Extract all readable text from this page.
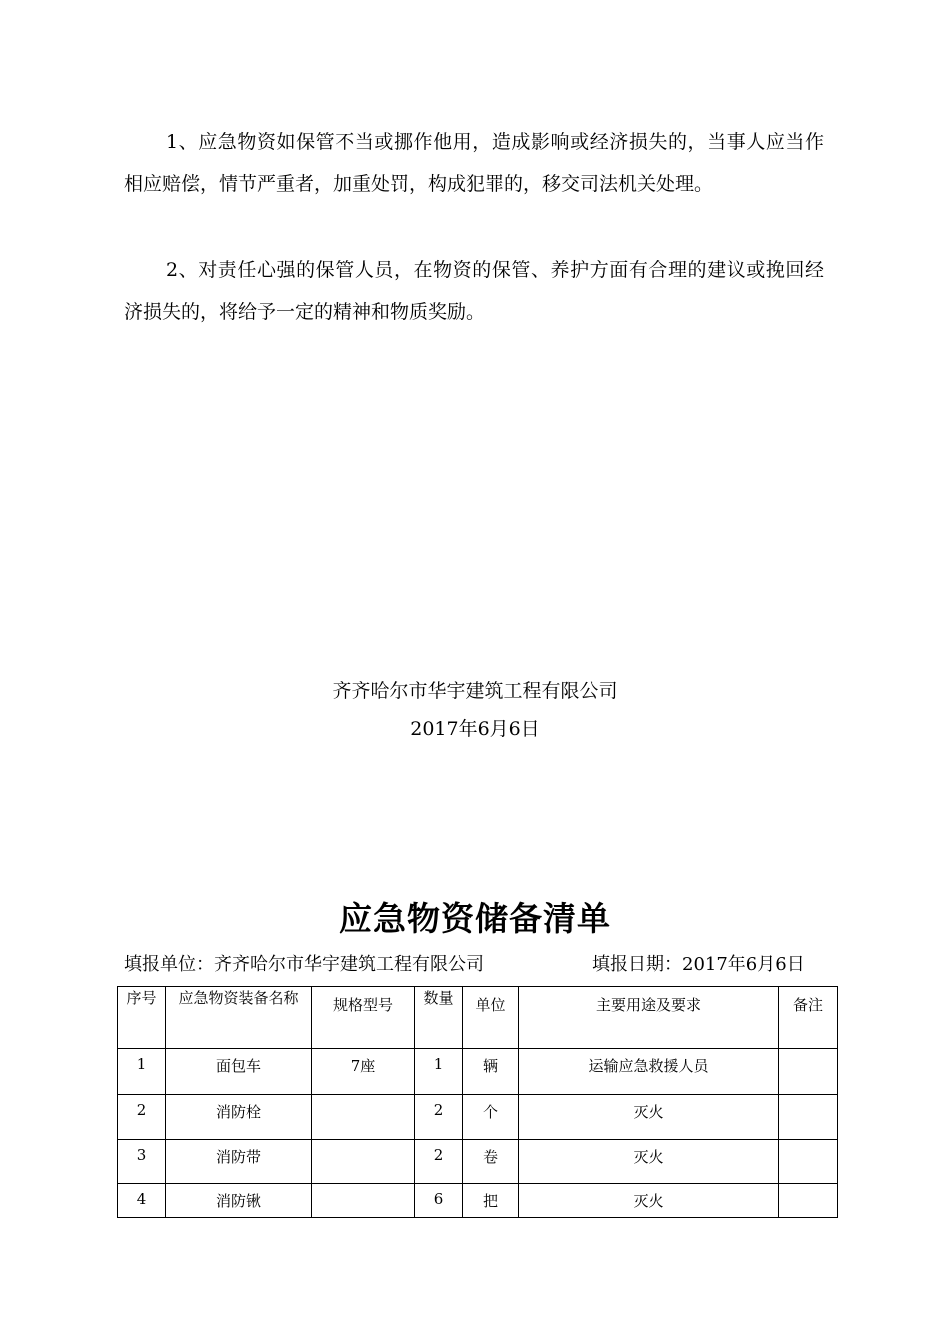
1、应急物资如保管不当或挪作他用，造成影响或经济损失的，当事人应当作相应赔偿，情节严重者，加重处罚，构成犯罪的，移交司法机关处理。
2、对责任心强的保管人员，在物资的保管、养护方面有合理的建议或挽回经济损失的，将给予一定的精神和物质奖励。
齐齐哈尔市华宇建筑工程有限公司
2017年6月6日
应急物资储备清单
填报单位：齐齐哈尔市华宇建筑工程有限公司	填报日期：2017年6月6日
序号	应急物资装备名称	规格型号	数量	单位	主要用途及要求	备注
1	面包车	7座	1	辆	运输应急救援人员	
2	消防栓		2	个	灭火	
3	消防带		2	卷	灭火	
4	消防锹		6	把	灭火	
